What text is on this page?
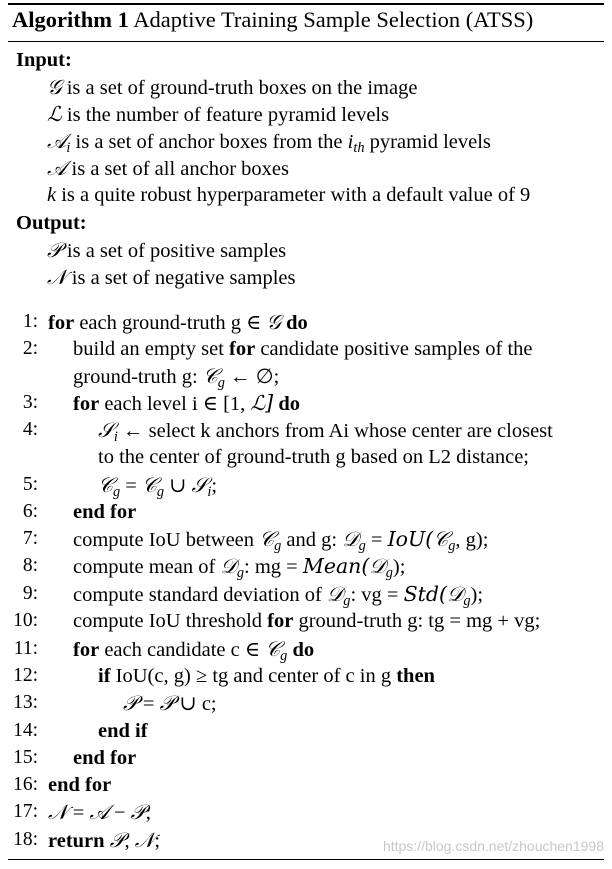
Algorithm 1 Adaptive Training Sample Selection (ATSS)
Input:
𝒢 is a set of ground-truth boxes on the image
ℒ is the number of feature pyramid levels
𝒜$_i$ is a set of anchor boxes from the $i_{th}$ pyramid levels
𝒜 is a set of all anchor boxes
k is a quite robust hyperparameter with a default value of 9
Output:
𝒫 is a set of positive samples
𝒩 is a set of negative samples
1: for each ground-truth g ∈ 𝒢 do
2: build an empty set for candidate positive samples of the
ground-truth g: 𝒞$_g$ ← ∅;
3: for each level i ∈ [1, ℒ] do
4:	𝒮$_i$ ← select k anchors from Ai whose center are closest
to the center of ground-truth g based on L2 distance;
5:	𝒞$_g$ = 𝒞$_g$ ∪ 𝒮$_i$;
6: end for
7: compute IoU between 𝒞$_g$ and g: 𝒟$_g$ = IoU(𝒞$_g$, g);
8: compute mean of 𝒟$_g$: mg = Mean(𝒟$_g$);
9: compute standard deviation of 𝒟$_g$: vg = Std(𝒟$_g$);
10: compute IoU threshold for ground-truth g: tg = mg + vg;
11: for each candidate c ∈ 𝒞$_g$ do
12:	if IoU(c, g) ≥ tg and center of c in g then
13:	𝒫 = 𝒫 ∪ c;
14:	end if
15: end for
16: end for
17: 𝒩 = 𝒜 − 𝒫;
18: return 𝒫, 𝒩;	https://blog.csdn.net/zhouchen1998
